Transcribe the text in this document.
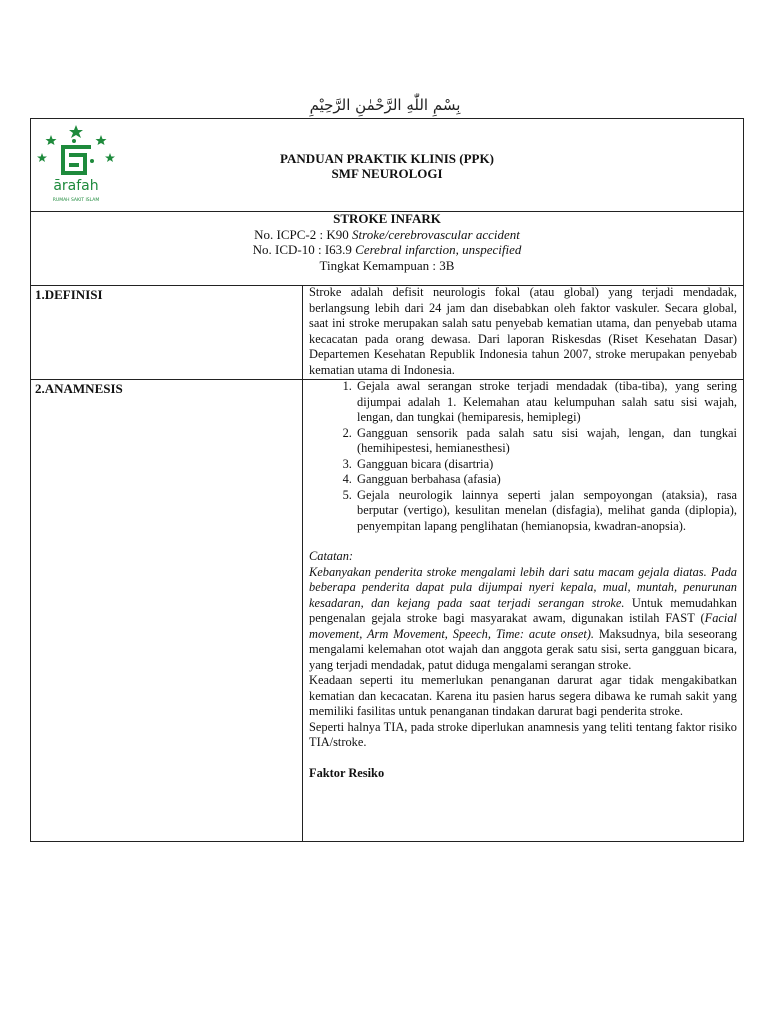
بِسْمِ اللّٰهِ الرَّحْمٰنِ الرَّحِيْمِ
ārafah
RUMAH SAKIT ISLAM
PANDUAN PRAKTIK KLINIS (PPK)
SMF NEUROLOGI
STROKE INFARK
No. ICPC-2 : K90 Stroke/cerebrovascular accident
No. ICD-10 : I63.9 Cerebral infarction, unspecified
Tingkat Kemampuan : 3B
1.DEFINISI	Stroke adalah defisit neurologis fokal (atau global) yang terjadi mendadak, berlangsung lebih dari 24 jam dan disebabkan oleh faktor vaskuler. Secara global, saat ini stroke merupakan salah satu penyebab kematian utama, dan penyebab utama kecacatan pada orang dewasa. Dari laporan Riskesdas (Riset Kesehatan Dasar) Departemen Kesehatan Republik Indonesia tahun 2007, stroke merupakan penyebab kematian utama di Indonesia.
2.ANAMNESIS
1.	Gejala awal serangan stroke terjadi mendadak (tiba-tiba), yang sering dijumpai adalah 1. Kelemahan atau kelumpuhan salah satu sisi wajah, lengan, dan tungkai (hemiparesis, hemiplegi)
2. Gangguan sensorik pada salah satu sisi wajah, lengan, dan tungkai (hemihipestesi, hemianesthesi)
3. Gangguan bicara (disartria)
4. Gangguan berbahasa (afasia)
5. Gejala neurologik lainnya seperti jalan sempoyongan (ataksia), rasa berputar (vertigo), kesulitan menelan (disfagia), melihat ganda (diplopia), penyempitan lapang penglihatan (hemianopsia, kwadran-anopsia).

Catatan:

Kebanyakan penderita stroke mengalami lebih dari satu macam gejala diatas. Pada beberapa penderita dapat pula dijumpai nyeri kepala, mual, muntah, penurunan kesadaran, dan kejang pada saat terjadi serangan stroke. Untuk memudahkan pengenalan gejala stroke bagi masyarakat awam, digunakan istilah FAST (Facial movement, Arm Movement, Speech, Time: acute onset). Maksudnya, bila seseorang mengalami kelemahan otot wajah dan anggota gerak satu sisi, serta gangguan bicara, yang terjadi mendadak, patut diduga mengalami serangan stroke.

Keadaan seperti itu memerlukan penanganan darurat agar tidak mengakibatkan kematian dan kecacatan. Karena itu pasien harus segera dibawa ke rumah sakit yang memiliki fasilitas untuk penanganan tindakan darurat bagi penderita stroke.

Seperti halnya TIA, pada stroke diperlukan anamnesis yang teliti tentang faktor risiko TIA/stroke.

Faktor Resiko
